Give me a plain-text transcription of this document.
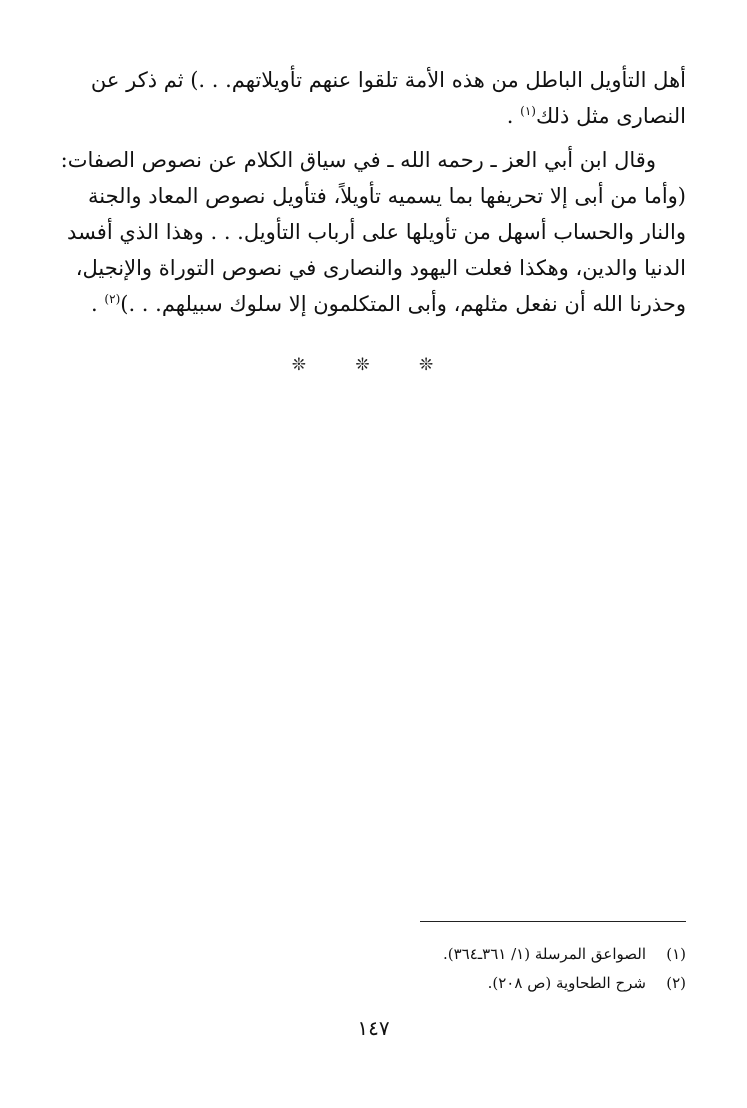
أهل التأويل الباطل من هذه الأمة تلقوا عنهم تأويلاتهم. . .) ثم ذكر عن
النصارى مثل ذلك$^{(١)}$ .
وقال ابن أبي العز ـ رحمه الله ـ في سياق الكلام عن نصوص الصفات:
(وأما من أبى إلا تحريفها بما يسميه تأويلاً، فتأويل نصوص المعاد والجنة
والنار والحساب أسهل من تأويلها على أرباب التأويل. . . وهذا الذي أفسد
الدنيا والدين، وهكذا فعلت اليهود والنصارى في نصوص التوراة والإنجيل،
وحذرنا الله أن نفعل مثلهم، وأبى المتكلمون إلا سلوك سبيلهم. . .)$^{(٢)}$ .
❊ ❊ ❊
(١)الصواعق المرسلة (١/ ٣٦١ـ٣٦٤).
(٢)شرح الطحاوية (ص ٢٠٨).
١٤٧
